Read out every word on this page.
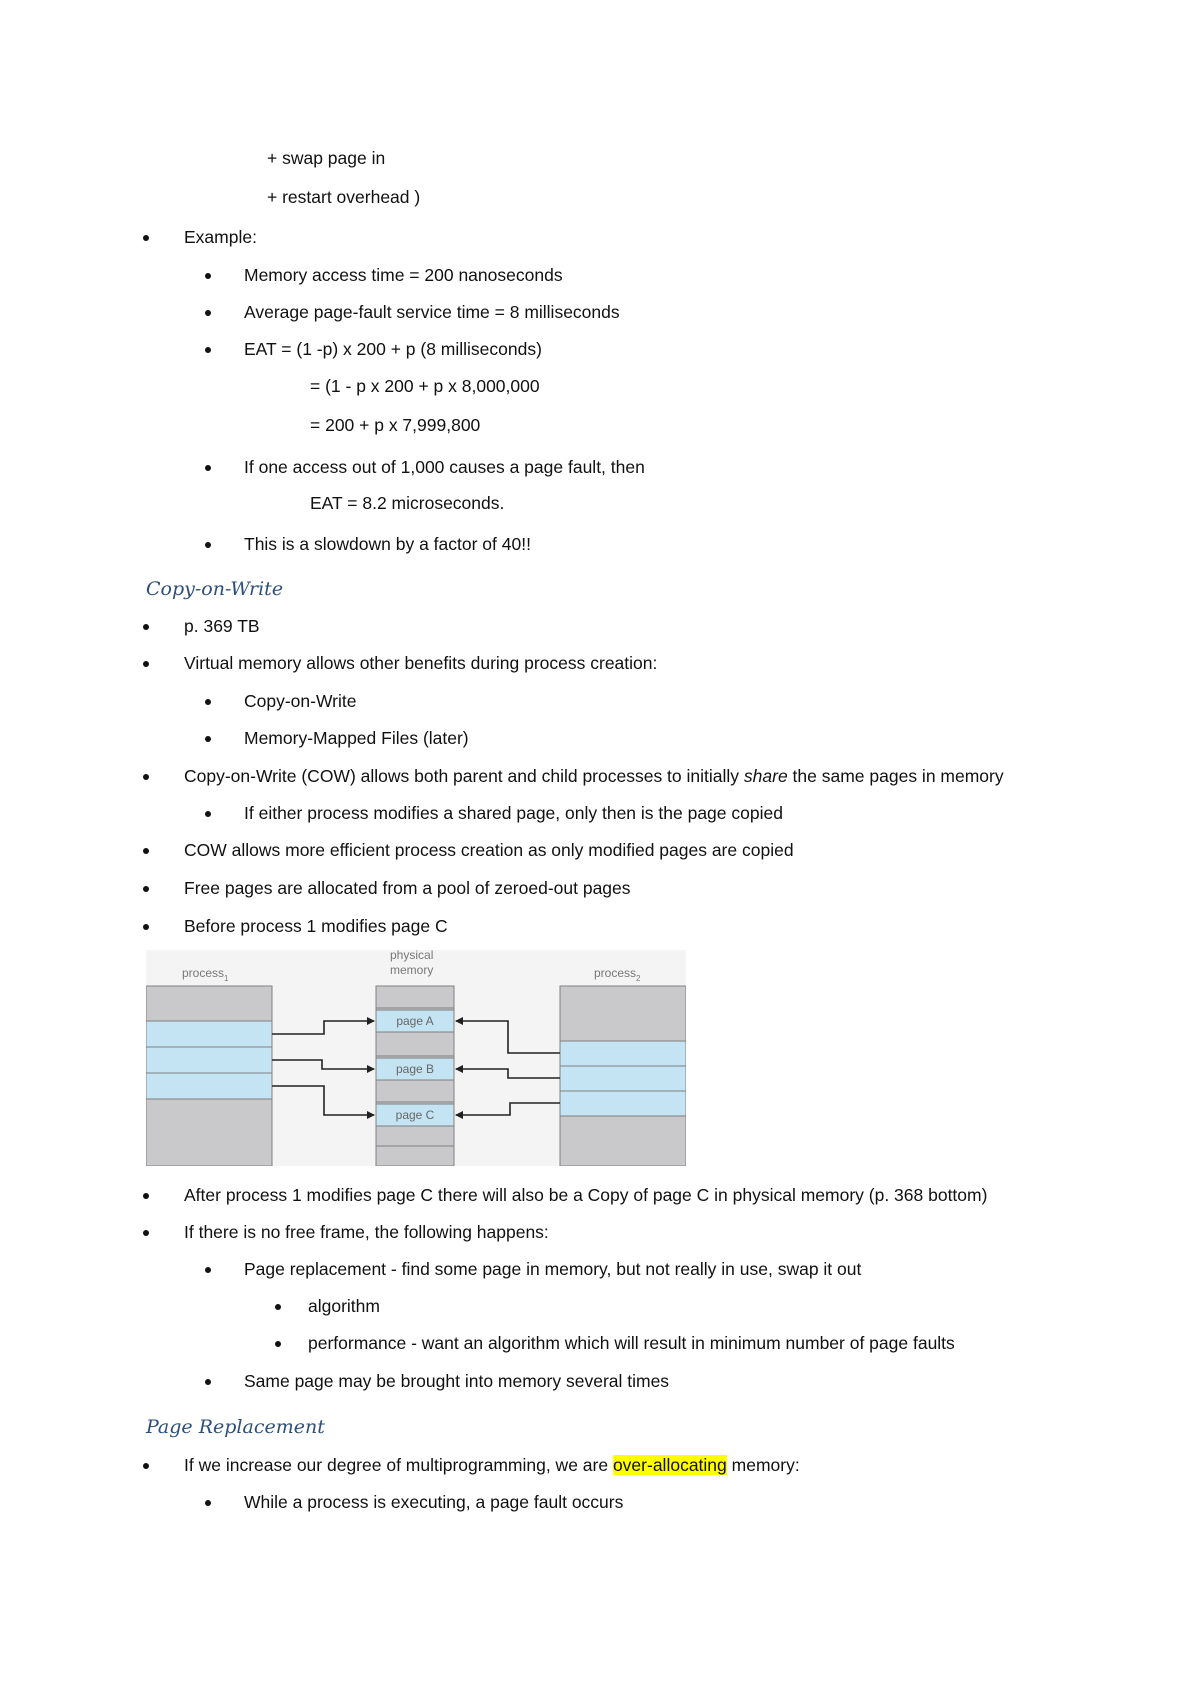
+ swap page in
+ restart overhead )
Example:
Memory access time = 200 nanoseconds
Average page-fault service time = 8 milliseconds
EAT = (1 -p) x 200 + p (8 milliseconds)
= (1 - p x 200 + p x 8,000,000
= 200 + p x 7,999,800
If one access out of 1,000 causes a page fault, then
EAT = 8.2 microseconds.
This is a slowdown by a factor of 40!!
Copy-on-Write
p. 369 TB
Virtual memory allows other benefits during process creation:
Copy-on-Write
Memory-Mapped Files (later)
Copy-on-Write (COW) allows both parent and child processes to initially share the same pages in memory
If either process modifies a shared page, only then is the page copied
COW allows more efficient process creation as only modified pages are copied
Free pages are allocated from a pool of zeroed-out pages
Before process 1 modifies page C
process$_1$
physical
memory	process$_2$
page A
page B
page C
After process 1 modifies page C there will also be a Copy of page C in physical memory (p. 368 bottom)
If there is no free frame, the following happens:
Page replacement - find some page in memory, but not really in use, swap it out
algorithm
performance - want an algorithm which will result in minimum number of page faults
Same page may be brought into memory several times
Page Replacement
If we increase our degree of multiprogramming, we are over-allocating memory:
While a process is executing, a page fault occurs
